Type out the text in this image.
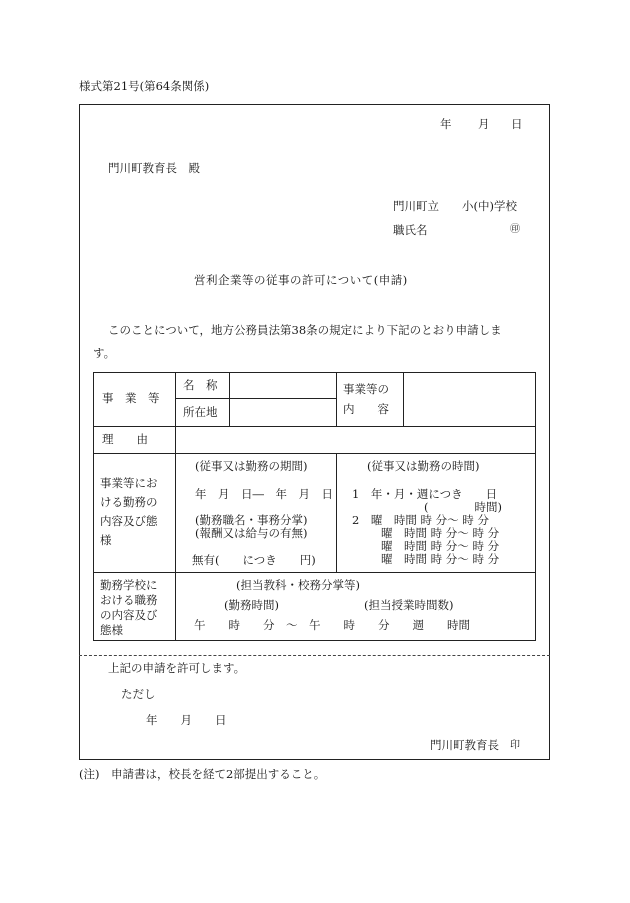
様式第21号(第64条関係)
年 月 日
門川町教育長　殿
門川町立　　小(中)学校
職氏名	㊞
営利企業等の従事の許可について(申請)
このことについて，地方公務員法第38条の規定により下記のとおり申請しま
す。
事　業　等
名　称
所在地
事業等の
内　　容
理　　由
事業等にお
ける勤務の
内容及び態
様
(従事又は勤務の期間)
年　月　日―　年　月　日
(勤務職名・事務分掌)
(報酬又は給与の有無)
無有(　　につき　　円)
(従事又は勤務の時間)
1　年・月・週につき　　日
(　　　　時間)
2　曜　時間 時 分～ 時 分
曜　時間 時 分～ 時 分
曜　時間 時 分～ 時 分
曜　時間 時 分～ 時 分
勤務学校に
おける職務
の内容及び
態様
(担当教科・校務分掌等)
(勤務時間)	(担当授業時間数)
午　　時　　分　～　午　　時　　分　　週　　時間
上記の申請を許可します。
ただし
年　　月　　日
門川町教育長 印
(注)　申請書は，校長を経て2部提出すること。
